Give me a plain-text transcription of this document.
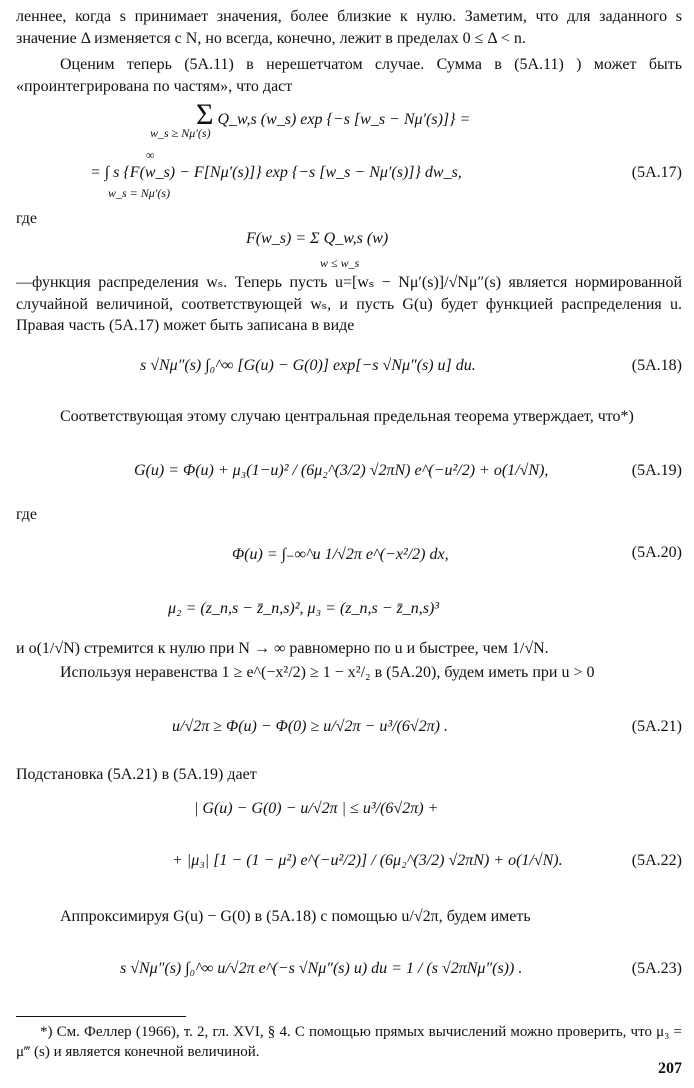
леннее, когда s принимает значения, более близкие к нулю. Заметим, что для заданного s значение Δ изменяется с N, но всегда, конечно, лежит в пределах 0 ≤ Δ < n.
Оценим теперь (5А.11) в нерешетчатом случае. Сумма в (5А.11) ) может быть «проинтегрирована по частям», что даст
Σ Q_w,s (w_s) exp {−s [w_s − Nμ′(s)]} =
w_s ≥ Nμ′(s)
∞
= ∫ s {F(w_s) − F[Nμ′(s)]} exp {−s [w_s − Nμ′(s)]} dw_s,
w_s = Nμ′(s)
(5А.17)
где
F(w_s) = Σ Q_w,s (w)
w ≤ w_s
—функция распределения wₛ. Теперь пусть u=[wₛ − Nμ′(s)]/√Nμ″(s) является нормированной случайной величиной, соответствующей wₛ, и пусть G(u) будет функцией распределения u. Правая часть (5А.17) может быть записана в виде
s √Nμ″(s) ∫₀^∞ [G(u) − G(0)] exp[−s √Nμ″(s) u] du.	(5А.18)
Соответствующая этому случаю центральная предельная теорема утверждает, что*)
G(u) = Φ(u) + μ₃(1−u)² / (6μ₂^(3/2) √2πN) e^(−u²/2) + o(1/√N),	(5А.19)
где
Φ(u) = ∫₋∞^u 1/√2π e^(−x²/2) dx,	(5А.20)
μ₂ = (z_n,s − z̄_n,s)², μ₃ = (z_n,s − z̄_n,s)³
и o(1/√N) стремится к нулю при N → ∞ равномерно по u и быстрее, чем 1/√N.
Используя неравенства 1 ≥ e^(−x²/2) ≥ 1 − x²/₂ в (5А.20), будем иметь при u > 0
u/√2π ≥ Φ(u) − Φ(0) ≥ u/√2π − u³/(6√2π) .	(5А.21)
Подстановка (5А.21) в (5А.19) дает
| G(u) − G(0) − u/√2π | ≤ u³/(6√2π) +
+ |μ₃| [1 − (1 − μ²) e^(−u²/2)] / (6μ₂^(3/2) √2πN) + o(1/√N).	(5А.22)
Аппроксимируя G(u) − G(0) в (5А.18) с помощью u/√2π, будем иметь
s √Nμ″(s) ∫₀^∞ u/√2π e^(−s √Nμ″(s) u) du = 1 / (s √2πNμ″(s)) .	(5А.23)
*) См. Феллер (1966), т. 2, гл. XVI, § 4. С помощью прямых вычислений можно проверить, что μ₃ = μ‴ (s) и является конечной величиной.
207
